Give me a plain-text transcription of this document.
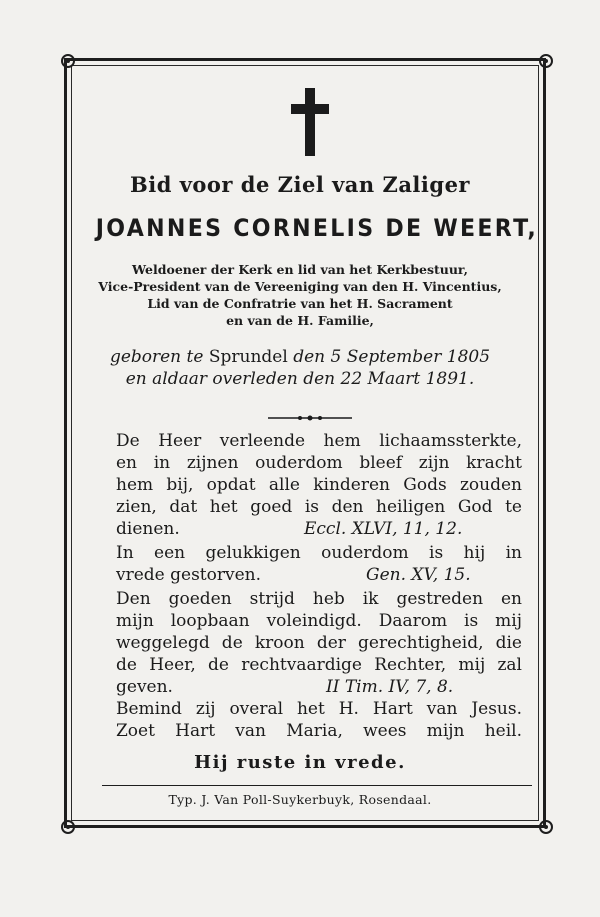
Bid voor de Ziel van Zaliger
JOANNES CORNELIS DE WEERT,
Weldoener der Kerk en lid van het Kerkbestuur,
Vice-President van de Vereeniging van den H. Vincentius,
Lid van de Confratrie van het H. Sacrament
en van de H. Familie,
geboren te Sprundel den 5 September 1805
en aldaar overleden den 22 Maart 1891.
De Heer verleende hem lichaamssterkte,
en in zijnen ouderdom bleef zijn kracht
hem bij, opdat alle kinderen Gods zouden
zien, dat het goed is den heiligen God te
dienen.	Eccl. XLVI, 11, 12.
In een gelukkigen ouderdom is hij in
vrede gestorven.	Gen. XV, 15.
Den goeden strijd heb ik gestreden en
mijn loopbaan voleindigd. Daarom is mij
weggelegd de kroon der gerechtigheid, die
de Heer, de rechtvaardige Rechter, mij zal
geven.	II Tim. IV, 7, 8.
Bemind zij overal het H. Hart van Jesus.
Zoet Hart van Maria, wees mijn heil.
Hij ruste in vrede.
Typ. J. Van Poll-Suykerbuyk, Rosendaal.
